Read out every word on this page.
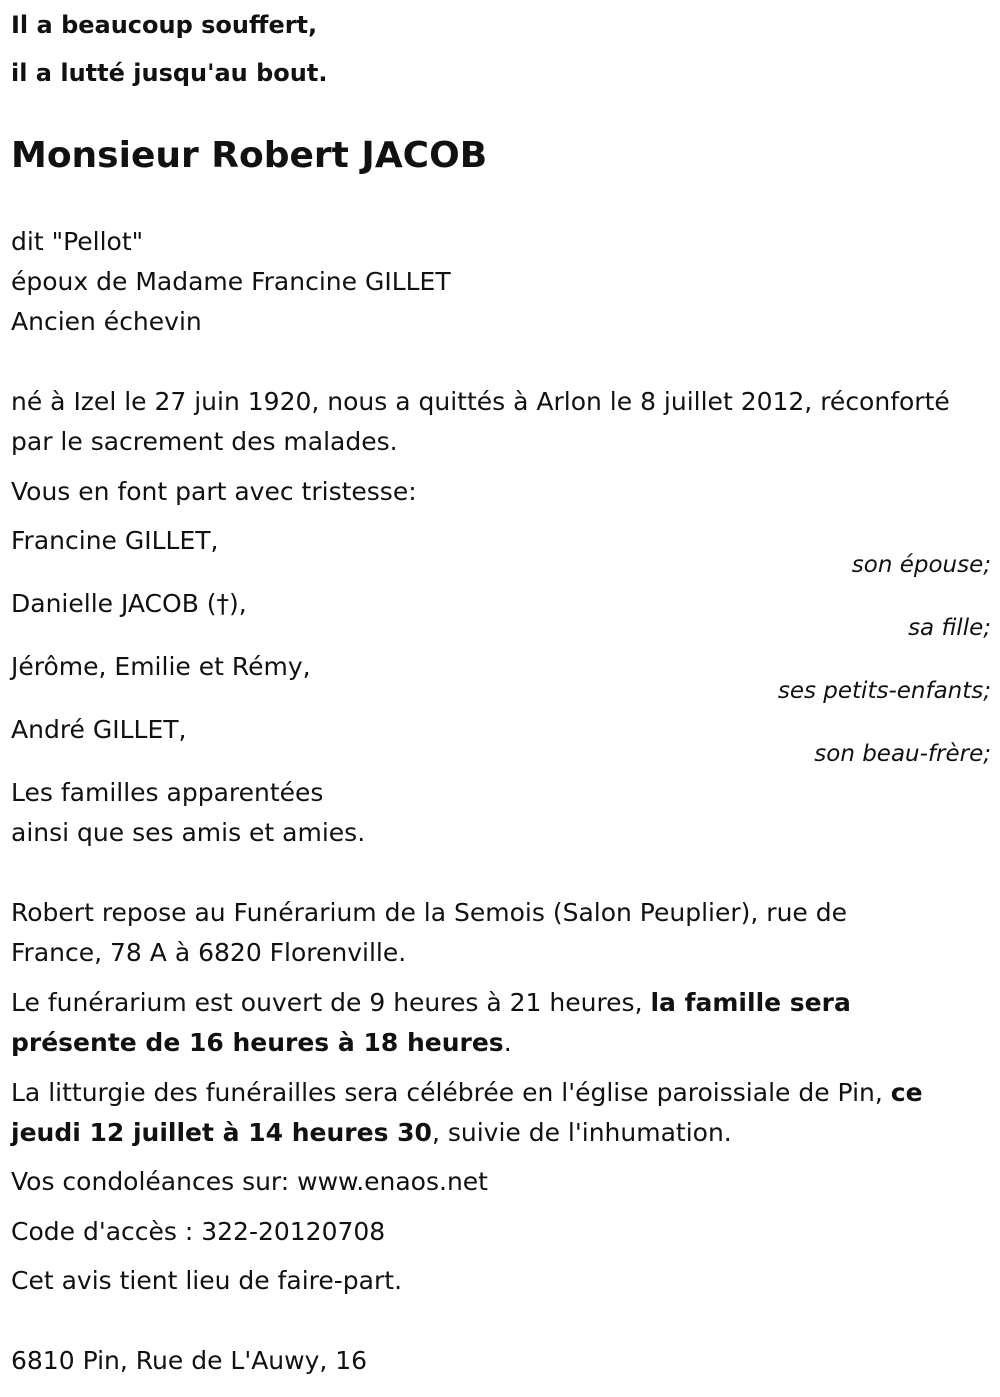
Il a beaucoup souffert,
il a lutté jusqu'au bout.
Monsieur Robert JACOB
dit "Pellot"
époux de Madame Francine GILLET
Ancien échevin
né à Izel le 27 juin 1920, nous a quittés à Arlon le 8 juillet 2012, réconforté
par le sacrement des malades.
Vous en font part avec tristesse:
Francine GILLET,
son épouse;
Danielle JACOB (†),
sa fille;
Jérôme, Emilie et Rémy,
ses petits-enfants;
André GILLET,
son beau-frère;
Les familles apparentées
ainsi que ses amis et amies.
Robert repose au Funérarium de la Semois (Salon Peuplier), rue de
France, 78 A à 6820 Florenville.
Le funérarium est ouvert de 9 heures à 21 heures, la famille sera
présente de 16 heures à 18 heures.
La litturgie des funérailles sera célébrée en l'église paroissiale de Pin, ce
jeudi 12 juillet à 14 heures 30, suivie de l'inhumation.
Vos condoléances sur: www.enaos.net
Code d'accès : 322-20120708
Cet avis tient lieu de faire-part.
6810 Pin, Rue de L'Auwy, 16
